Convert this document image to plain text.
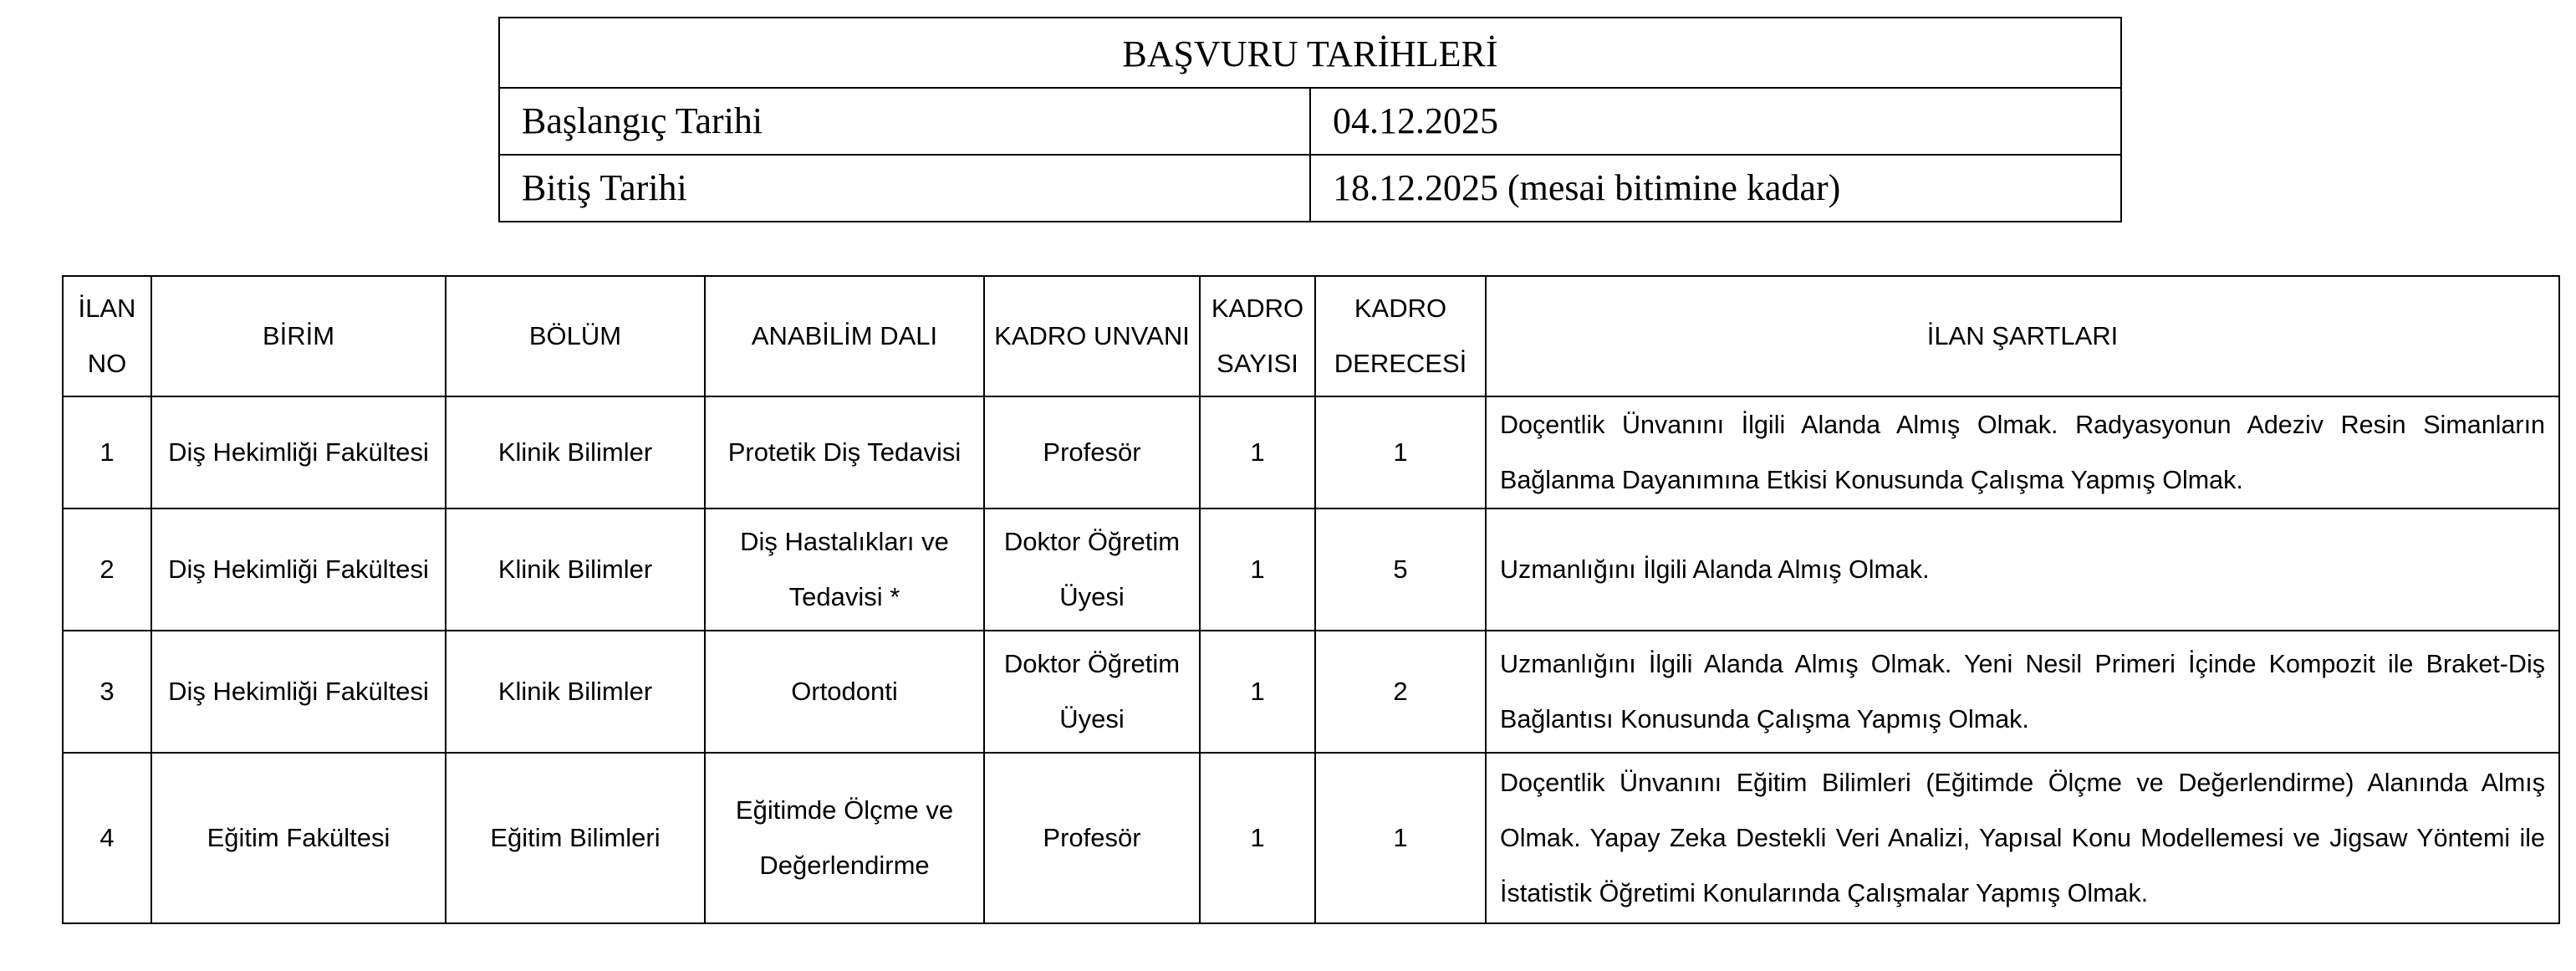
BAŞVURU TARİHLERİ	
Başlangıç Tarihi	04.12.2025
Bitiş Tarihi	18.12.2025 (mesai bitimine kadar)
İLAN NO	BİRİM	BÖLÜM	ANABİLİM DALI	KADRO UNVANI	KADRO SAYISI	KADRO DERECESİ	İLAN ŞARTLARI
1	Diş Hekimliği Fakültesi	Klinik Bilimler	Protetik Diş Tedavisi	Profesör	1	1	Doçentlik Ünvanını İlgili Alanda Almış Olmak. Radyasyonun Adeziv Resin Simanların Bağlanma Dayanımına Etkisi Konusunda Çalışma Yapmış Olmak.
2	Diş Hekimliği Fakültesi	Klinik Bilimler	Diş Hastalıkları ve Tedavisi *	Doktor Öğretim Üyesi	1	5	Uzmanlığını İlgili Alanda Almış Olmak.
3	Diş Hekimliği Fakültesi	Klinik Bilimler	Ortodonti	Doktor Öğretim Üyesi	1	2	Uzmanlığını İlgili Alanda Almış Olmak. Yeni Nesil Primeri İçinde Kompozit ile Braket-Diş Bağlantısı Konusunda Çalışma Yapmış Olmak.
4	Eğitim Fakültesi	Eğitim Bilimleri	Eğitimde Ölçme ve Değerlendirme	Profesör	1	1	Doçentlik Ünvanını Eğitim Bilimleri (Eğitimde Ölçme ve Değerlendirme) Alanında Almış Olmak. Yapay Zeka Destekli Veri Analizi, Yapısal Konu Modellemesi ve Jigsaw Yöntemi ile İstatistik Öğretimi Konularında Çalışmalar Yapmış Olmak.
